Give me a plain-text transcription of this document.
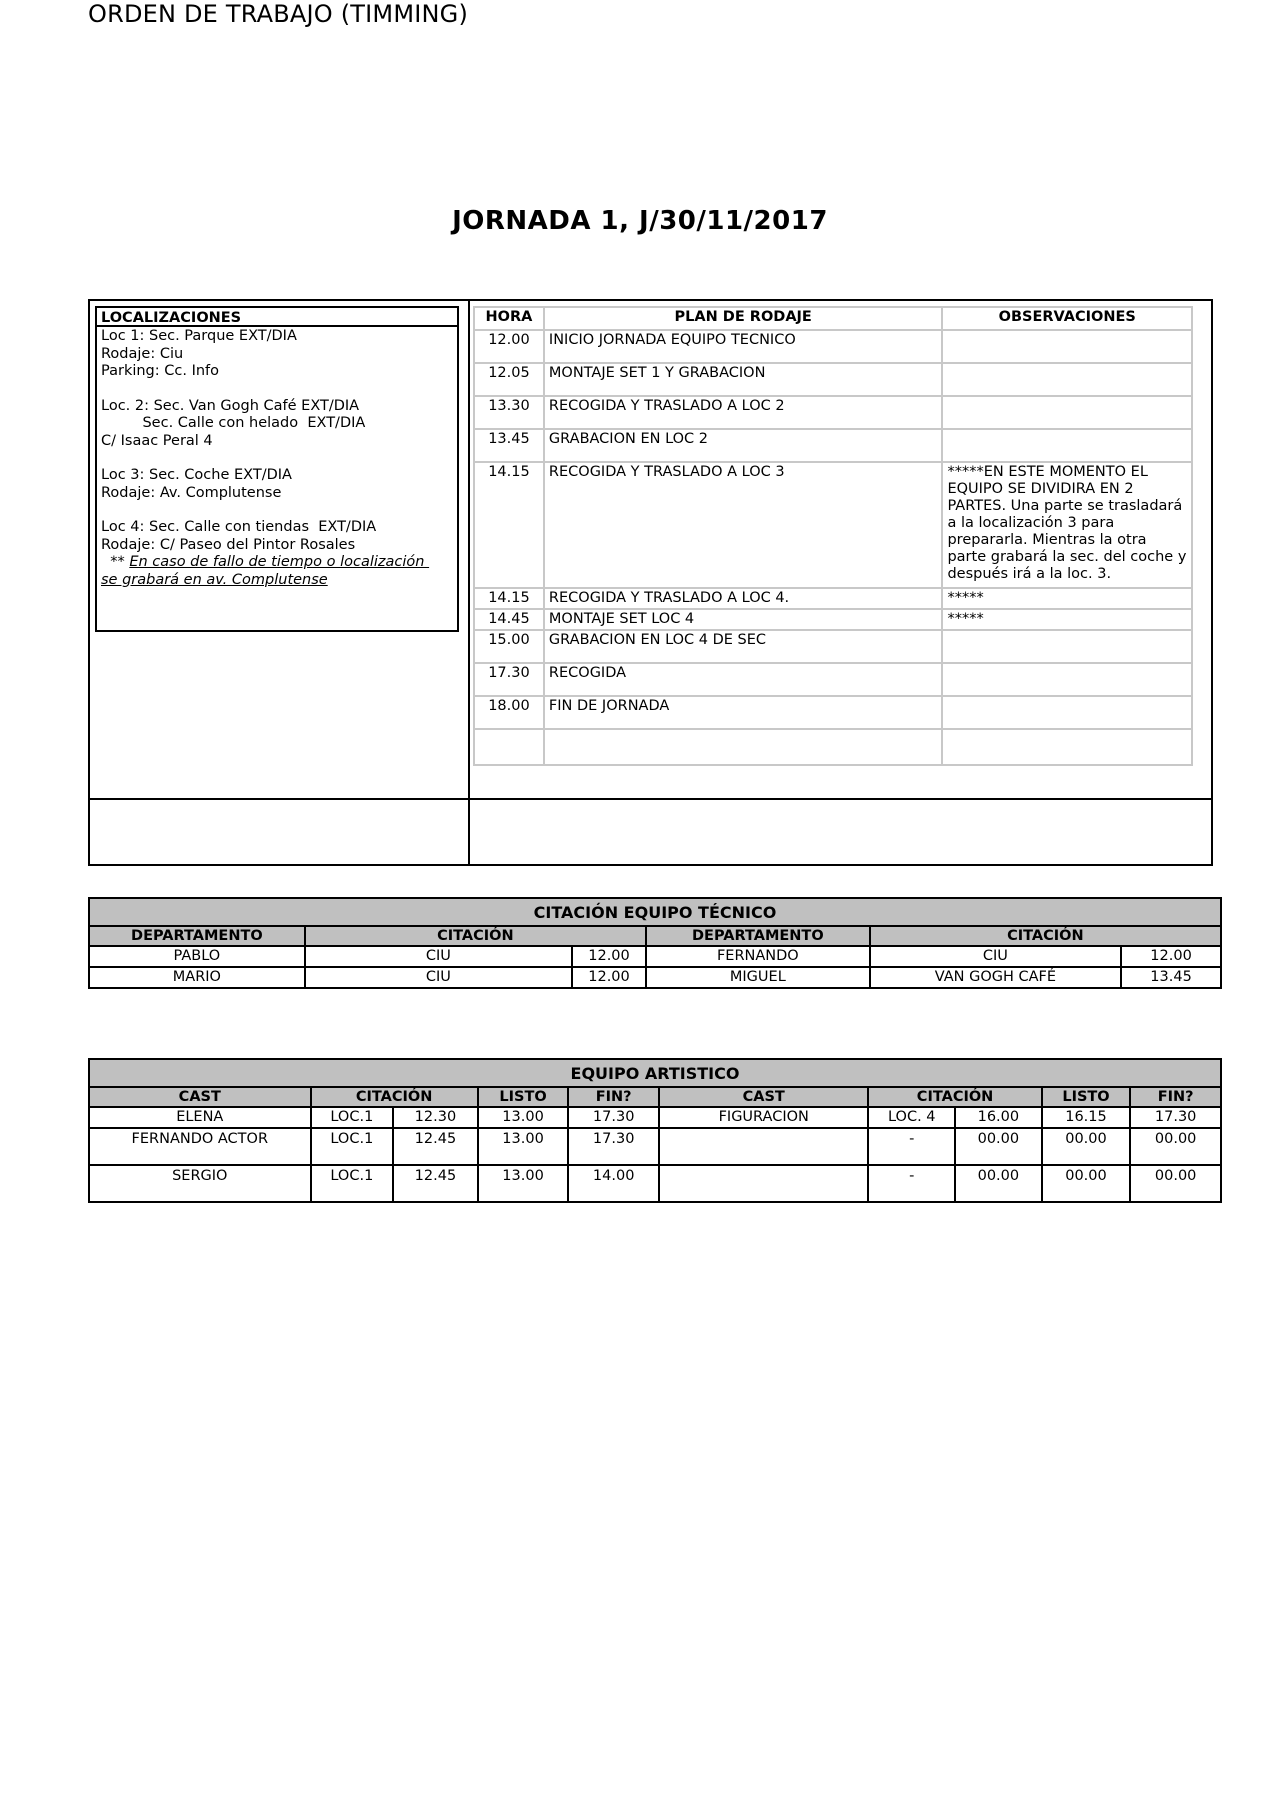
ORDEN DE TRABAJO (TIMMING)
JORNADA 1, J/30/11/2017
LOCALIZACIONES
Loc 1: Sec. Parque EXT/DIA
Rodaje: Ciu
Parking: Cc. Info
Loc. 2: Sec. Van Gogh Café EXT/DIA
Sec. Calle con helado  EXT/DIA
C/ Isaac Peral 4
Loc 3: Sec. Coche EXT/DIA
Rodaje: Av. Complutense
Loc 4: Sec. Calle con tiendas  EXT/DIA
Rodaje: C/ Paseo del Pintor Rosales
** En caso de fallo de tiempo o localización
se grabará en av. Complutense
HORA	PLAN DE RODAJE	OBSERVACIONES
12.00	INICIO JORNADA EQUIPO TECNICO	
12.05	MONTAJE SET 1 Y GRABACION	
13.30	RECOGIDA Y TRASLADO A LOC 2	
13.45	GRABACION EN LOC 2	
14.15	RECOGIDA Y TRASLADO A LOC 3	*****EN ESTE MOMENTO EL EQUIPO SE DIVIDIRA EN 2 PARTES. Una parte se trasladará a la localización 3 para prepararla. Mientras la otra parte grabará la sec. del coche y después irá a la loc. 3.
14.15	RECOGIDA Y TRASLADO A LOC 4.	*****
14.45	MONTAJE SET LOC 4	*****
15.00	GRABACION EN LOC 4 DE SEC	
17.30	RECOGIDA	
18.00	FIN DE JORNADA	

CITACIÓN EQUIPO TÉCNICO					
DEPARTAMENTO	CITACIÓN		DEPARTAMENTO	CITACIÓN	
PABLO	CIU	12.00	FERNANDO	CIU	12.00
MARIO	CIU	12.00	MIGUEL	VAN GOGH CAFÉ	13.45
EQUIPO ARTISTICO									
CAST	CITACIÓN		LISTO	FIN?	CAST	CITACIÓN		LISTO	FIN?
ELENA	LOC.1	12.30	13.00	17.30	FIGURACION	LOC. 4	16.00	16.15	17.30
FERNANDO ACTOR	LOC.1	12.45	13.00	17.30		-	00.00	00.00	00.00
SERGIO	LOC.1	12.45	13.00	14.00		-	00.00	00.00	00.00
